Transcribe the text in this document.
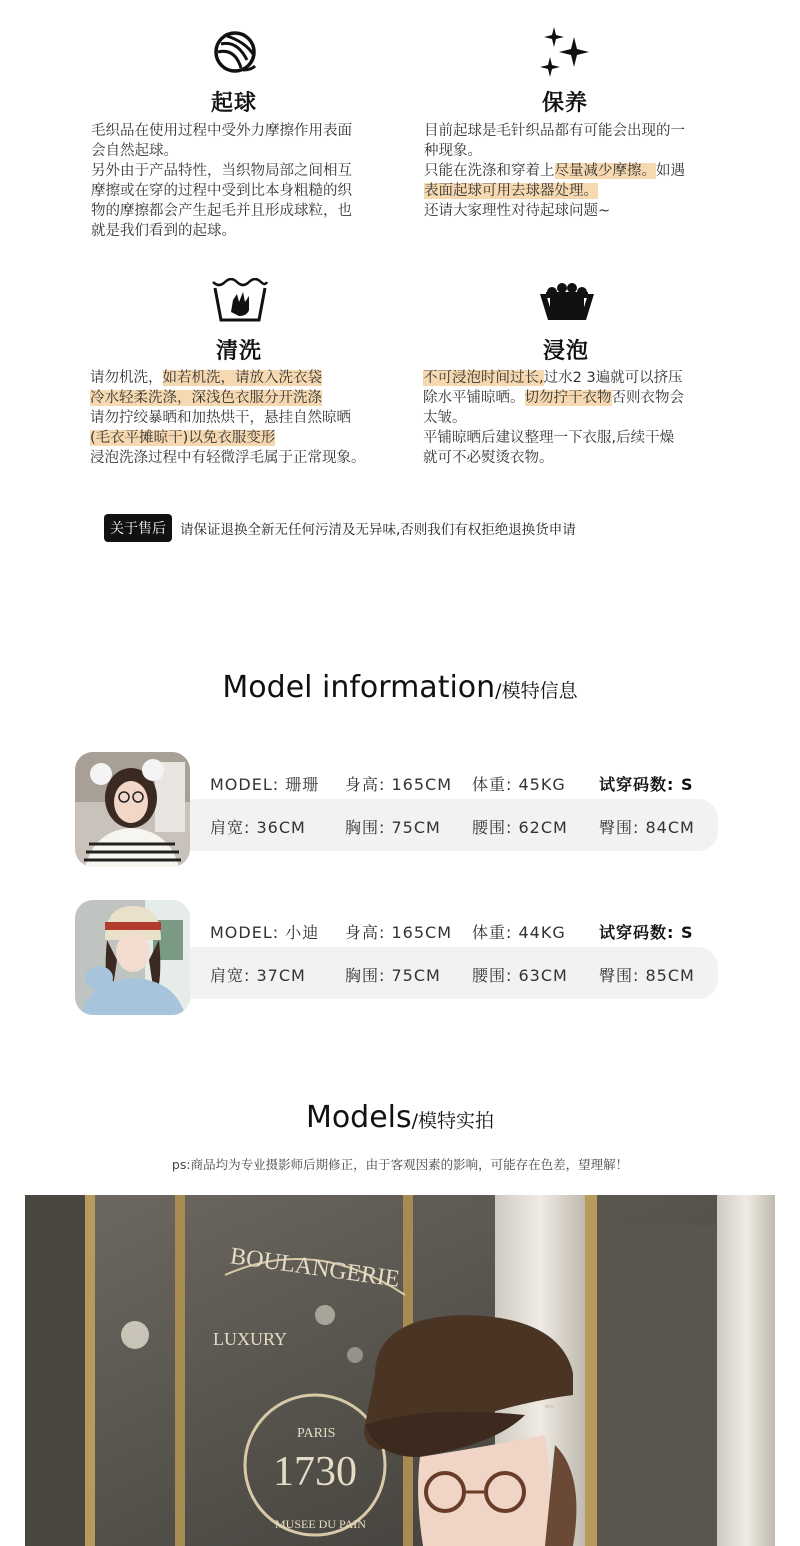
起球
毛织品在使用过程中受外力摩擦作用表面
会自然起球。
另外由于产品特性，当织物局部之间相互
摩擦或在穿的过程中受到比本身粗糙的织
物的摩擦都会产生起毛并且形成球粒，也
就是我们看到的起球。
保养
目前起球是毛针织品都有可能会出现的一
种现象。
只能在洗涤和穿着上尽量减少摩擦。如遇
表面起球可用去球器处理。
还请大家理性对待起球问题~
清洗
请勿机洗，如若机洗，请放入洗衣袋
冷水轻柔洗涤，深浅色衣服分开洗涤
请勿拧绞暴晒和加热烘干，悬挂自然晾晒
(毛衣平摊晾干)以免衣服变形
浸泡洗涤过程中有轻微浮毛属于正常现象。
浸泡
不可浸泡时间过长,过水2 3遍就可以挤压
除水平铺晾晒。切勿拧干衣物否则衣物会
太皱。
平铺晾晒后建议整理一下衣服,后续干燥
就可不必熨烫衣物。
关于售后	请保证退换全新无任何污清及无异味,否则我们有权拒绝退换货申请
Model information/模特信息
MODEL: 珊珊 身高: 165CM 体重: 45KG 试穿码数: S
肩宽: 36CM 胸围: 75CM 腰围: 62CM 臀围: 84CM
MODEL: 小迪 身高: 165CM 体重: 44KG 试穿码数: S
肩宽: 37CM 胸围: 75CM 腰围: 63CM 臀围: 85CM
Models/模特实拍
ps:商品均为专业摄影师后期修正，由于客观因素的影响，可能存在色差，望理解！
BOULANGERIE
LUXURY
PARIS
1730
MUSEE DU PAIN
